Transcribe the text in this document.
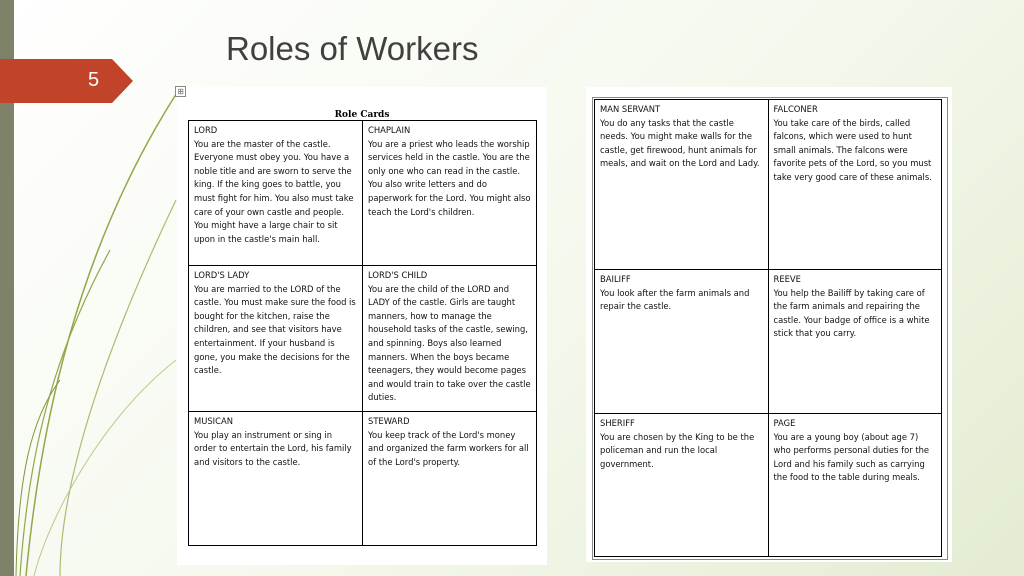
5
Roles of Workers
⊞
Role Cards
LORD
You are the master of the castle. Everyone must obey you. You have a noble title and are sworn to serve the king. If the king goes to battle, you must fight for him. You also must take care of your own castle and people. You might have a large chair to sit upon in the castle's main hall.
CHAPLAIN
You are a priest who leads the worship services held in the castle. You are the only one who can read in the castle. You also write letters and do paperwork for the Lord. You might also teach the Lord's children.
LORD'S LADY
You are married to the LORD of the castle. You must make sure the food is bought for the kitchen, raise the children, and see that visitors have entertainment. If your husband is gone, you make the decisions for the castle.
LORD'S CHILD
You are the child of the LORD and LADY of the castle. Girls are taught manners, how to manage the household tasks of the castle, sewing, and spinning. Boys also learned manners. When the boys became teenagers, they would become pages and would train to take over the castle duties.
MUSICAN
You play an instrument or sing in order to entertain the Lord, his family and visitors to the castle.
STEWARD
You keep track of the Lord's money and organized the farm workers for all of the Lord's property.
MAN SERVANT
You do any tasks that the castle needs. You might make walls for the castle, get firewood, hunt animals for meals, and wait on the Lord and Lady.
FALCONER
You take care of the birds, called falcons, which were used to hunt small animals. The falcons were favorite pets of the Lord, so you must take very good care of these animals.
BAILIFF
You look after the farm animals and repair the castle.
REEVE
You help the Bailiff by taking care of the farm animals and repairing the castle. Your badge of office is a white stick that you carry.
SHERIFF
You are chosen by the King to be the policeman and run the local government.
PAGE
You are a young boy (about age 7) who performs personal duties for the Lord and his family such as carrying the food to the table during meals.
